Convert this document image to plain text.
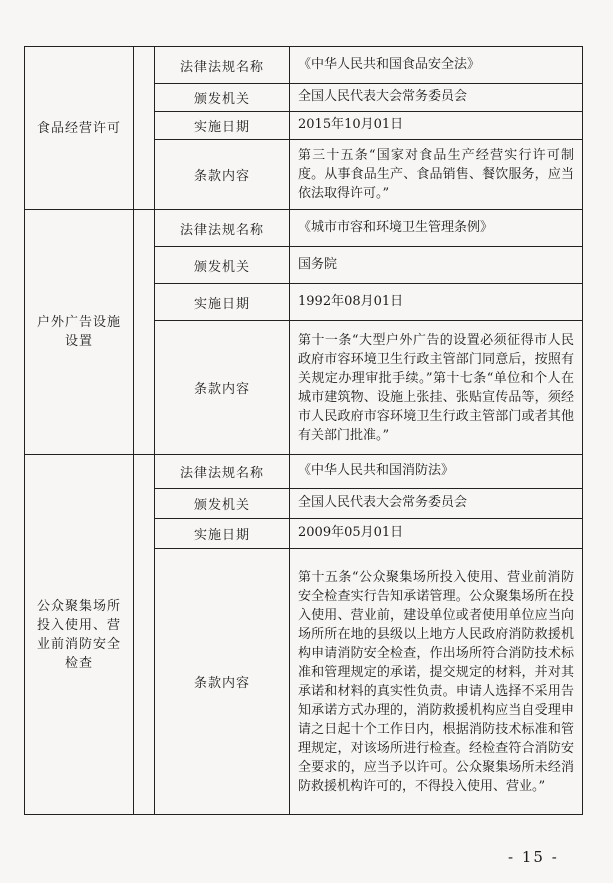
食品经营许可		法律法规名称	《中华人民共和国食品安全法》
		颁发机关	全国人民代表大会常务委员会
		实施日期	2015年10月01日
		条款内容	第三十五条“国家对食品生产经营实行许可制度。从事食品生产、食品销售、餐饮服务，应当依法取得许可。”
户外广告设施设置		法律法规名称	《城市市容和环境卫生管理条例》
		颁发机关	国务院
		实施日期	1992年08月01日
		条款内容	第十一条“大型户外广告的设置必须征得市人民政府市容环境卫生行政主管部门同意后，按照有关规定办理审批手续。”第十七条“单位和个人在城市建筑物、设施上张挂、张贴宣传品等，须经市人民政府市容环境卫生行政主管部门或者其他有关部门批准。”
公众聚集场所投入使用、营业前消防安全检查		法律法规名称	《中华人民共和国消防法》
		颁发机关	全国人民代表大会常务委员会
		实施日期	2009年05月01日
		条款内容	第十五条“公众聚集场所投入使用、营业前消防安全检查实行告知承诺管理。公众聚集场所在投入使用、营业前，建设单位或者使用单位应当向场所所在地的县级以上地方人民政府消防救援机构申请消防安全检查，作出场所符合消防技术标准和管理规定的承诺，提交规定的材料，并对其承诺和材料的真实性负责。申请人选择不采用告知承诺方式办理的，消防救援机构应当自受理申请之日起十个工作日内，根据消防技术标准和管理规定，对该场所进行检查。经检查符合消防安全要求的，应当予以许可。公众聚集场所未经消防救援机构许可的，不得投入使用、营业。”
- 15 -
